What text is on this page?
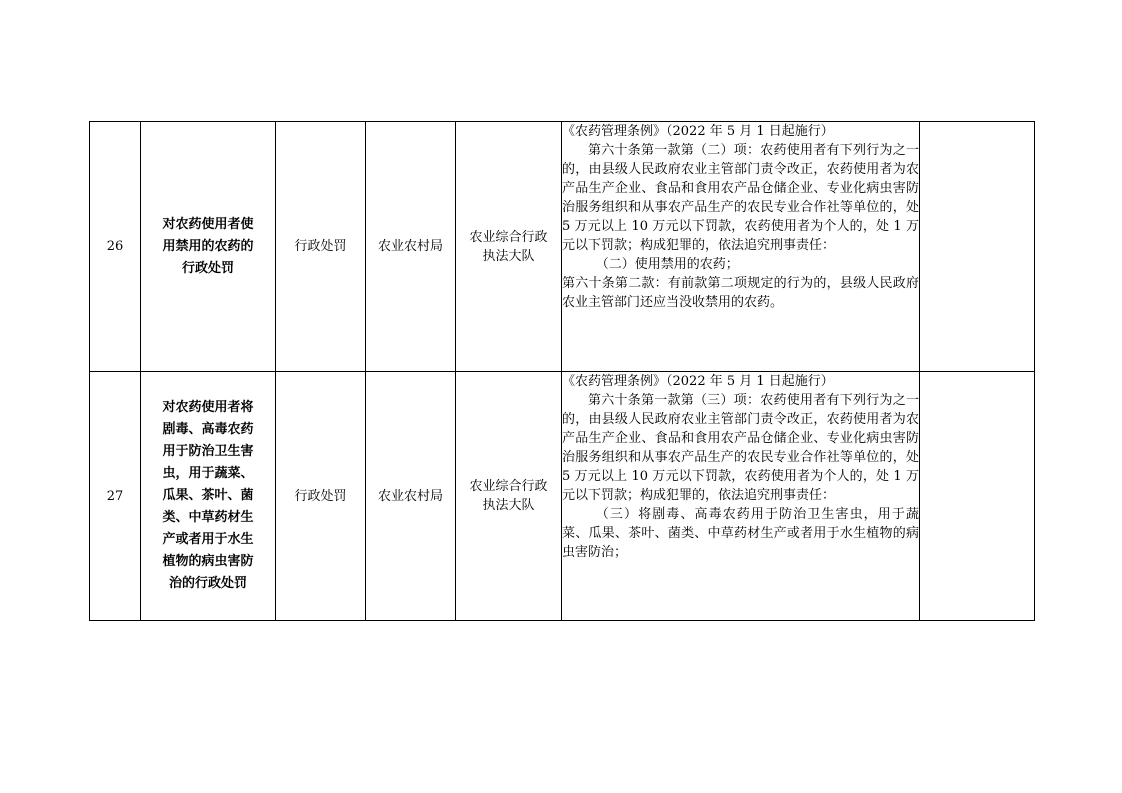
26	对农药使用者使用禁用的农药的行政处罚	行政处罚	农业农村局	农业综合行政执法大队	《农药管理条例》（2022 年 5 月 1 日起施行）

第六十条第一款第（二）项：农药使用者有下列行为之一的，由县级人民政府农业主管部门责令改正，农药使用者为农产品生产企业、食品和食用农产品仓储企业、专业化病虫害防治服务组织和从事农产品生产的农民专业合作社等单位的，处 5 万元以上 10 万元以下罚款，农药使用者为个人的，处 1 万元以下罚款；构成犯罪的，依法追究刑事责任：

（二）使用禁用的农药；

第六十条第二款：有前款第二项规定的行为的，县级人民政府农业主管部门还应当没收禁用的农药。	

27	对农药使用者将剧毒、高毒农药用于防治卫生害虫，用于蔬菜、瓜果、茶叶、菌类、中草药材生产或者用于水生植物的病虫害防治的行政处罚	行政处罚	农业农村局	农业综合行政执法大队	《农药管理条例》（2022 年 5 月 1 日起施行）

第六十条第一款第（三）项：农药使用者有下列行为之一的，由县级人民政府农业主管部门责令改正，农药使用者为农产品生产企业、食品和食用农产品仓储企业、专业化病虫害防治服务组织和从事农产品生产的农民专业合作社等单位的，处 5 万元以上 10 万元以下罚款，农药使用者为个人的，处 1 万元以下罚款；构成犯罪的，依法追究刑事责任：

（三）将剧毒、高毒农药用于防治卫生害虫，用于蔬菜、瓜果、茶叶、菌类、中草药材生产或者用于水生植物的病虫害防治；	
